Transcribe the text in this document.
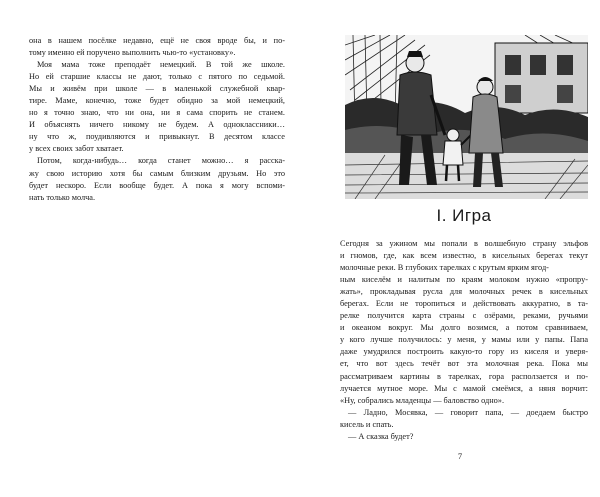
она в нашем посёлке недавно, ещё не своя вроде бы, и по-
тому именно ей поручено выполнить чью-то «установку».
Моя мама тоже преподаёт немецкий. В той же школе.
Но ей старшие классы не дают, только с пятого по седьмой.
Мы и живём при школе — в маленькой служебной квар-
тире. Маме, конечно, тоже будет обидно за мой немецкий,
но я точно знаю, что ни она, ни я сама спорить не станем.
И объяснять ничего никому не будем. А одноклассники…
ну что ж, поудивляются и привыкнут. В десятом классе
у всех своих забот хватает.
Потом, когда-нибудь… когда станет можно… я расска-
жу свою историю хотя бы самым близким друзьям. Но это
будет нескоро. Если вообще будет. А пока я могу вспоми-
нать только молча.
I. Игра
Сегодня за ужином мы попали в волшебную страну эльфов
и гномов, где, как всем известно, в кисельных берегах текут
молочные реки. В глубоких тарелках с крутым ярким ягод-
ным киселём и налитым по краям молоком нужно «пропру-
жать», прокладывая русла для молочных речек в кисельных
берегах. Если не торопиться и действовать аккуратно, в та-
релке получится карта страны с озёрами, реками, ручьями
и океаном вокруг. Мы долго возимся, а потом сравниваем,
у кого лучше получилось: у меня, у мамы или у папы. Папа
даже умудрился построить какую-то гору из киселя и уверя-
ет, что вот здесь течёт вот эта молочная река. Пока мы
рассматриваем картины в тарелках, гора расползается и по-
лучается мутное море. Мы с мамой смеёмся, а няня ворчит:
«Ну, собрались младенцы — баловство одно».
— Ладно, Мосявка, — говорит папа, — доедаем быстро
кисель и спать.
— А сказка будет?
7
